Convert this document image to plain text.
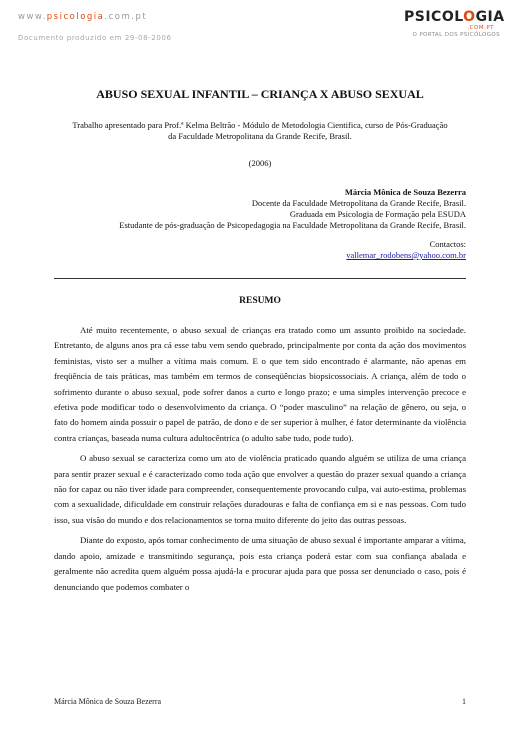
www.psicologia.com.pt
Documento produzido em 29-08-2006
PSICOLOGIA
.COM.PT
O PORTAL DOS PSICÓLOGOS
ABUSO SEXUAL INFANTIL – CRIANÇA X ABUSO SEXUAL
Trabalho apresentado para Prof.ª Kelma Beltrão - Módulo de Metodologia Cientifica, curso de Pós-Graduação
da Faculdade Metropolitana da Grande Recife, Brasil.
(2006)
Márcia Mônica de Souza Bezerra
Docente da Faculdade Metropolitana da Grande Recife, Brasil.
Graduada em Psicologia de Formação pela ESUDA
Estudante de pós-graduação de Psicopedagogia na Faculdade Metropolitana da Grande Recife, Brasil.
Contactos:
vallemar_rodobens@yahoo.com.br
RESUMO

Até muito recentemente, o abuso sexual de crianças era tratado como um assunto proibido na sociedade. Entretanto, de alguns anos pra cá esse tabu vem sendo quebrado, principalmente por conta da ação dos movimentos feministas, visto ser a mulher a vítima mais comum. E o que tem sido encontrado é alarmante, não apenas em freqüência de tais práticas, mas também em termos de conseqüências biopsicossociais. A criança, além de todo o sofrimento durante o abuso sexual, pode sofrer danos a curto e longo prazo; e uma simples intervenção precoce e efetiva pode modificar todo o desenvolvimento da criança. O “poder masculino” na relação de gênero, ou seja, o fato do homem ainda possuir o papel de patrão, de dono e de ser superior à mulher, é fator determinante da violência contra crianças, baseada numa cultura adultocêntrica (o adulto sabe tudo, pode tudo).

O abuso sexual se caracteriza como um ato de violência praticado quando alguém se utiliza de uma criança para sentir prazer sexual e é caracterizado como toda ação que envolver a questão do prazer sexual quando a criança não for capaz ou não tiver idade para compreender, consequentemente provocando culpa, vai auto-estima, problemas com a sexualidade, dificuldade em construir relações duradouras e falta de confiança em si e nas pessoas. Com tudo isso, sua visão do mundo e dos relacionamentos se torna muito diferente do jeito das outras pessoas.

Diante do exposto, após tomar conhecimento de uma situação de abuso sexual é importante amparar a vítima, dando apoio, amizade e transmitindo segurança, pois esta criança poderá estar com sua confiança abalada e geralmente não acredita quem alguém possa ajudá-la e procurar ajuda para que possa ser denunciado o caso, pois é denunciando que podemos combater o

Márcia Mônica de Souza Bezerra	1
